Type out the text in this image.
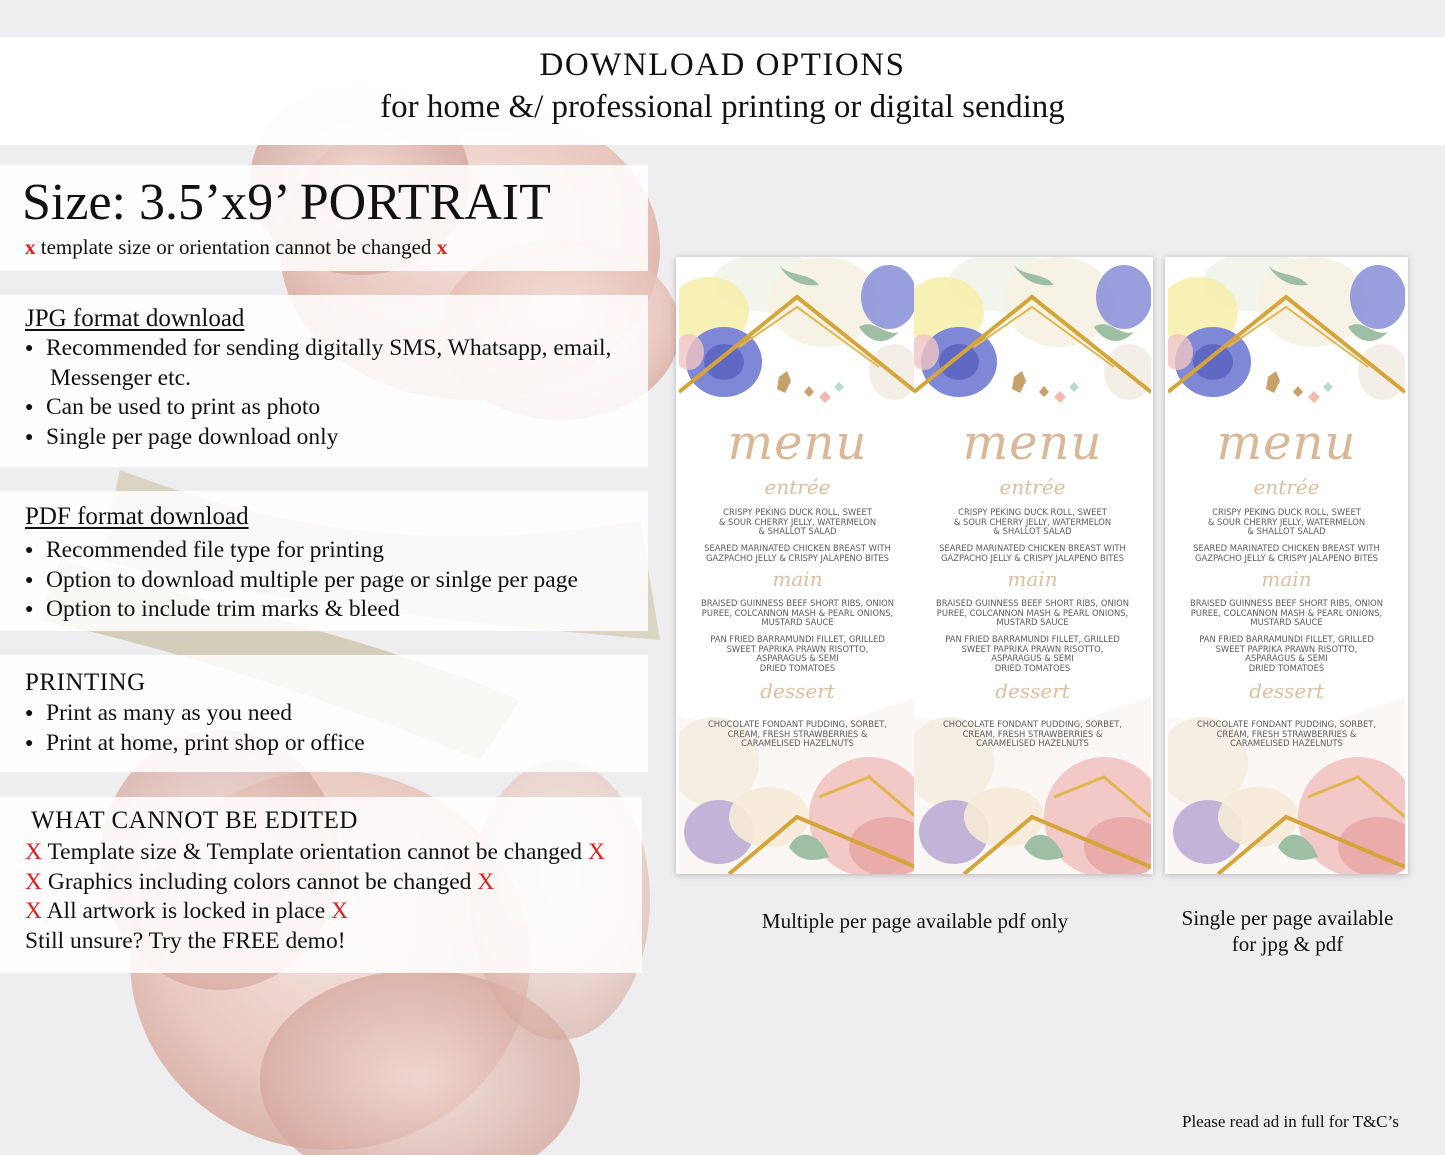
DOWNLOAD OPTIONS
for home &/ professional printing or digital sending
Size: 3.5’x9’ PORTRAIT
x template size or orientation cannot be changed x
JPG format download
● Recommended for sending digitally SMS, Whatsapp, email,
Messenger etc.
● Can be used to print as photo
● Single per page download only
PDF format download
● Recommended file type for printing
● Option to download multiple per page or sinlge per page
● Option to include trim marks & bleed
PRINTING
● Print as many as you need
● Print at home, print shop or office
WHAT CANNOT BE EDITED
X Template size & Template orientation cannot be changed X
X Graphics including colors cannot be changed X
X All artwork is locked in place X
Still unsure? Try the FREE demo!
menu
entrée
CRISPY PEKING DUCK ROLL, SWEET
& SOUR CHERRY JELLY, WATERMELON
& SHALLOT SALAD
SEARED MARINATED CHICKEN BREAST WITH
GAZPACHO JELLY & CRISPY JALAPENO BITES
main
BRAISED GUINNESS BEEF SHORT RIBS, ONION
PUREE, COLCANNON MASH & PEARL ONIONS,
MUSTARD SAUCE
PAN FRIED BARRAMUNDI FILLET, GRILLED
SWEET PAPRIKA PRAWN RISOTTO,
ASPARAGUS & SEMI
DRIED TOMATOES
dessert
CHOCOLATE FONDANT PUDDING, SORBET,
CREAM, FRESH STRAWBERRIES &
CARAMELISED HAZELNUTS
menu
entrée
CRISPY PEKING DUCK ROLL, SWEET
& SOUR CHERRY JELLY, WATERMELON
& SHALLOT SALAD
SEARED MARINATED CHICKEN BREAST WITH
GAZPACHO JELLY & CRISPY JALAPENO BITES
main
BRAISED GUINNESS BEEF SHORT RIBS, ONION
PUREE, COLCANNON MASH & PEARL ONIONS,
MUSTARD SAUCE
PAN FRIED BARRAMUNDI FILLET, GRILLED
SWEET PAPRIKA PRAWN RISOTTO,
ASPARAGUS & SEMI
DRIED TOMATOES
dessert
CHOCOLATE FONDANT PUDDING, SORBET,
CREAM, FRESH STRAWBERRIES &
CARAMELISED HAZELNUTS
menu
entrée
CRISPY PEKING DUCK ROLL, SWEET
& SOUR CHERRY JELLY, WATERMELON
& SHALLOT SALAD
SEARED MARINATED CHICKEN BREAST WITH
GAZPACHO JELLY & CRISPY JALAPENO BITES
main
BRAISED GUINNESS BEEF SHORT RIBS, ONION
PUREE, COLCANNON MASH & PEARL ONIONS,
MUSTARD SAUCE
PAN FRIED BARRAMUNDI FILLET, GRILLED
SWEET PAPRIKA PRAWN RISOTTO,
ASPARAGUS & SEMI
DRIED TOMATOES
dessert
CHOCOLATE FONDANT PUDDING, SORBET,
CREAM, FRESH STRAWBERRIES &
CARAMELISED HAZELNUTS
Multiple per page available pdf only	Single per page available
for jpg & pdf
Please read ad in full for T&C’s
